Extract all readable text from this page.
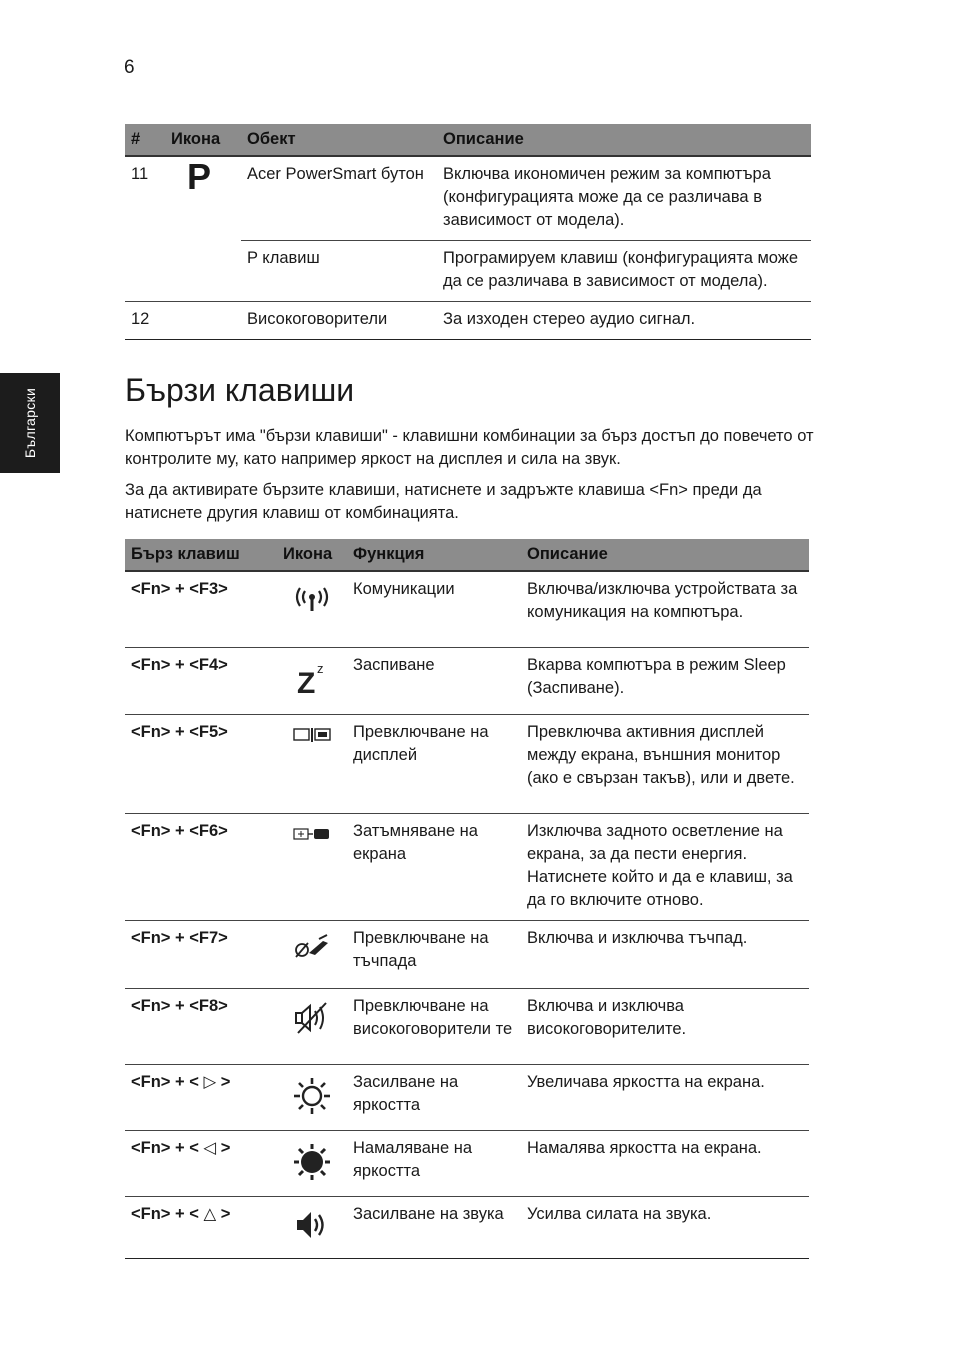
6
Български
#	Икона	Обект	Описание
11	P	Acer PowerSmart бутон	Включва икономичен режим за компютъра (конфигурацията може да се различава в зависимост от модела).
		P клавиш	Програмируем клавиш (конфигурацията може да се различава в зависимост от модела).
12		Високоговорители	За изходен стерео аудио сигнал.
Бързи клавиши

Компютърът има "бързи клавиши" - клавишни комбинации за бърз достъп до повечето от контролите му, като например яркост на дисплея и сила на звук.

За да активирате бързите клавиши, натиснете и задръжте клавиша <Fn> преди да натиснете другия клавиш от комбинацията.

Бърз клавиш	Икона	Функция	Описание
<Fn> + <F3>		Комуникации	Включва/изключва устройствата за комуникация на компютъра.
<Fn> + <F4>	Z z	Заспиване	Вкарва компютъра в режим Sleep (Заспиване).
<Fn> + <F5>		Превключване на дисплей	Превключва активния дисплей между екрана, външния монитор (ако е свързан такъв), или и двете.
<Fn> + <F6>		Затъмняване на екрана	Изключва задното осветление на екрана, за да пести енергия. Натиснете който и да е клавиш, за да го включите отново.
<Fn> + <F7>		Превключване на тъчпада	Включва и изключва тъчпад.
<Fn> + <F8>		Превключване на високоговорители те	Включва и изключва високоговорителите.
<Fn> + < ▷ >		Засилване на яркостта	Увеличава яркостта на екрана.
<Fn> + < ◁ >		Намаляване на яркостта	Намалява яркостта на екрана.
<Fn> + < △ >		Засилване на звука	Усилва силата на звука.
